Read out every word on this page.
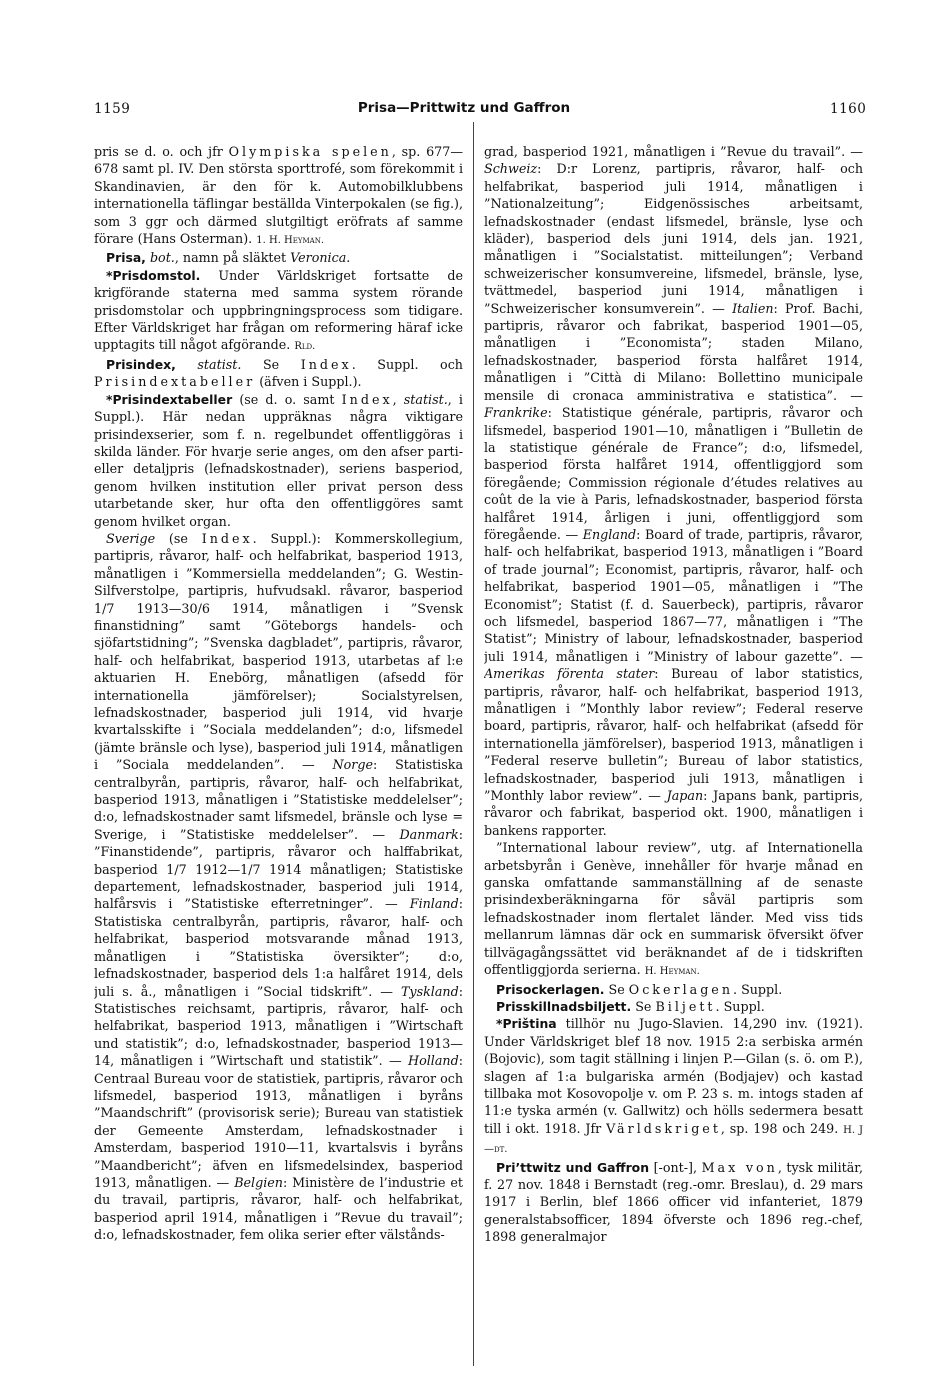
1159	Prisa—Prittwitz und Gaffron	1160

pris se d. o. och jfr Olympiska spelen, sp. 677—678 samt pl. IV. Den största sporttrofé, som förekommit i Skandinavien, är den för k. Automobilklubbens internationella täflingar beställda Vinterpokalen (se fig.), som 3 ggr och därmed slutgiltigt eröfrats af samme förare (Hans Osterman). 1. H. Heyman.

Prisa, bot., namn på släktet Veronica.

*Prisdomstol. Under Världskriget fortsatte de krigförande staterna med samma system rörande prisdomstolar och uppbringningsprocess som tidigare. Efter Världskriget har frågan om reformering häraf icke upptagits till något afgörande. Rld.

Prisindex, statist. Se Index. Suppl. och Prisindextabeller (äfven i Suppl.).

*Prisindextabeller (se d. o. samt Index, statist., i Suppl.). Här nedan uppräknas några viktigare prisindexserier, som f. n. regelbundet offentliggöras i skilda länder. För hvarje serie anges, om den afser parti- eller detaljpris (lefnadskostnader), seriens basperiod, genom hvilken institution eller privat person dess utarbetande sker, hur ofta den offentliggöres samt genom hvilket organ.

Sverige (se Index. Suppl.): Kommerskollegium, partipris, råvaror, half- och helfabrikat, basperiod 1913, månatligen i ”Kommersiella meddelanden”; G. Westin-Silfverstolpe, partipris, hufvudsakl. råvaror, basperiod 1/7 1913—30/6 1914, månatligen i ”Svensk finanstidning” samt ”Göteborgs handels- och sjöfartstidning”; ”Svenska dagbladet”, partipris, råvaror, half- och helfabrikat, basperiod 1913, utarbetas af l:e aktuarien H. Enebörg, månatligen (afsedd för internationella jämförelser); Socialstyrelsen, lefnadskostnader, basperiod juli 1914, vid hvarje kvartalsskifte i ”Sociala meddelanden”; d:o, lifsmedel (jämte bränsle och lyse), basperiod juli 1914, månatligen i ”Sociala meddelanden”. — Norge: Statistiska centralbyrån, partipris, råvaror, half- och helfabrikat, basperiod 1913, månatligen i ”Statistiske meddelelser”; d:o, lefnadskostnader samt lifsmedel, bränsle och lyse = Sverige, i ”Statistiske meddelelser”. — Danmark: ”Finanstidende”, partipris, råvaror och halffabrikat, basperiod 1/7 1912—1/7 1914 månatligen; Statistiske departement, lefnadskostnader, basperiod juli 1914, halfårsvis i ”Statistiske efterretninger”. — Finland: Statistiska centralbyrån, partipris, råvaror, half- och helfabrikat, basperiod motsvarande månad 1913, månatligen i ”Statistiska översikter”; d:o, lefnadskostnader, basperiod dels 1:a halfåret 1914, dels juli s. å., månatligen i ”Social tidskrift”. — Tyskland: Statistisches reichsamt, partipris, råvaror, half- och helfabrikat, basperiod 1913, månatligen i ”Wirtschaft und statistik”; d:o, lefnadskostnader, basperiod 1913—14, månatligen i ”Wirtschaft und statistik”. — Holland: Centraal Bureau voor de statistiek, partipris, råvaror och lifsmedel, basperiod 1913, månatligen i byråns ”Maandschrift” (provisorisk serie); Bureau van statistiek der Gemeente Amsterdam, lefnadskostnader i Amsterdam, basperiod 1910—11, kvartalsvis i byråns ”Maandbericht”; äfven en lifsmedelsindex, basperiod 1913, månatligen. — Belgien: Ministère de l’industrie et du travail, partipris, råvaror, half- och helfabrikat, basperiod april 1914, månatligen i ”Revue du travail”; d:o, lefnadskostnader, fem olika serier efter välstånds-

grad, basperiod 1921, månatligen i ”Revue du travail”. — Schweiz: D:r Lorenz, partipris, råvaror, half- och helfabrikat, basperiod juli 1914, månatligen i ”Nationalzeitung”; Eidgenössisches arbeitsamt, lefnadskostnader (endast lifsmedel, bränsle, lyse och kläder), basperiod dels juni 1914, dels jan. 1921, månatligen i ”Socialstatist. mitteilungen”; Verband schweizerischer konsumvereine, lifsmedel, bränsle, lyse, tvättmedel, basperiod juni 1914, månatligen i ”Schweizerischer konsumverein”. — Italien: Prof. Bachi, partipris, råvaror och fabrikat, basperiod 1901—05, månatligen i ”Economista”; staden Milano, lefnadskostnader, basperiod första halfåret 1914, månatligen i ”Città di Milano: Bollettino municipale mensile di cronaca amministrativa e statistica”. — Frankrike: Statistique générale, partipris, råvaror och lifsmedel, basperiod 1901—10, månatligen i ”Bulletin de la statistique générale de France”; d:o, lifsmedel, basperiod första halfåret 1914, offentliggjord som föregående; Commission régionale d’études relatives au coût de la vie à Paris, lefnadskostnader, basperiod första halfåret 1914, årligen i juni, offentliggjord som föregående. — England: Board of trade, partipris, råvaror, half- och helfabrikat, basperiod 1913, månatligen i ”Board of trade journal”; Economist, partipris, råvaror, half- och helfabrikat, basperiod 1901—05, månatligen i ”The Economist”; Statist (f. d. Sauerbeck), partipris, råvaror och lifsmedel, basperiod 1867—77, månatligen i ”The Statist”; Ministry of labour, lefnadskostnader, basperiod juli 1914, månatligen i ”Ministry of labour gazette”. — Amerikas förenta stater: Bureau of labor statistics, partipris, råvaror, half- och helfabrikat, basperiod 1913, månatligen i ”Monthly labor review”; Federal reserve board, partipris, råvaror, half- och helfabrikat (afsedd för internationella jämförelser), basperiod 1913, månatligen i ”Federal reserve bulletin”; Bureau of labor statistics, lefnadskostnader, basperiod juli 1913, månatligen i ”Monthly labor review”. — Japan: Japans bank, partipris, råvaror och fabrikat, basperiod okt. 1900, månatligen i bankens rapporter.

”International labour review”, utg. af Internationella arbetsbyrån i Genève, innehåller för hvarje månad en ganska omfattande sammanställning af de senaste prisindexberäkningarna för såväl partipris som lefnadskostnader inom flertalet länder. Med viss tids mellanrum lämnas där ock en summarisk öfversikt öfver tillvägagångssättet vid beräknandet af de i tidskriften offentliggjorda serierna. H. Heyman.

Prisockerlagen. Se Ockerlagen. Suppl.

Prisskillnadsbiljett. Se Biljett. Suppl.

*Priština tillhör nu Jugo-Slavien. 14,290 inv. (1921). Under Världskriget blef 18 nov. 1915 2:a serbiska armén (Bojovic), som tagit ställning i linjen P.—Gilan (s. ö. om P.), slagen af 1:a bulgariska armén (Bodjajev) och kastad tillbaka mot Kosovopolje v. om P. 23 s. m. intogs staden af 11:e tyska armén (v. Gallwitz) och hölls sedermera besatt till i okt. 1918. Jfr Världskriget, sp. 198 och 249. H. J—dt.

Pri’ttwitz und Gaffron [-ont-], Max von, tysk militär, f. 27 nov. 1848 i Bernstadt (reg.-omr. Breslau), d. 29 mars 1917 i Berlin, blef 1866 officer vid infanteriet, 1879 generalstabsofficer, 1894 öfverste och 1896 reg.-chef, 1898 generalmajor
